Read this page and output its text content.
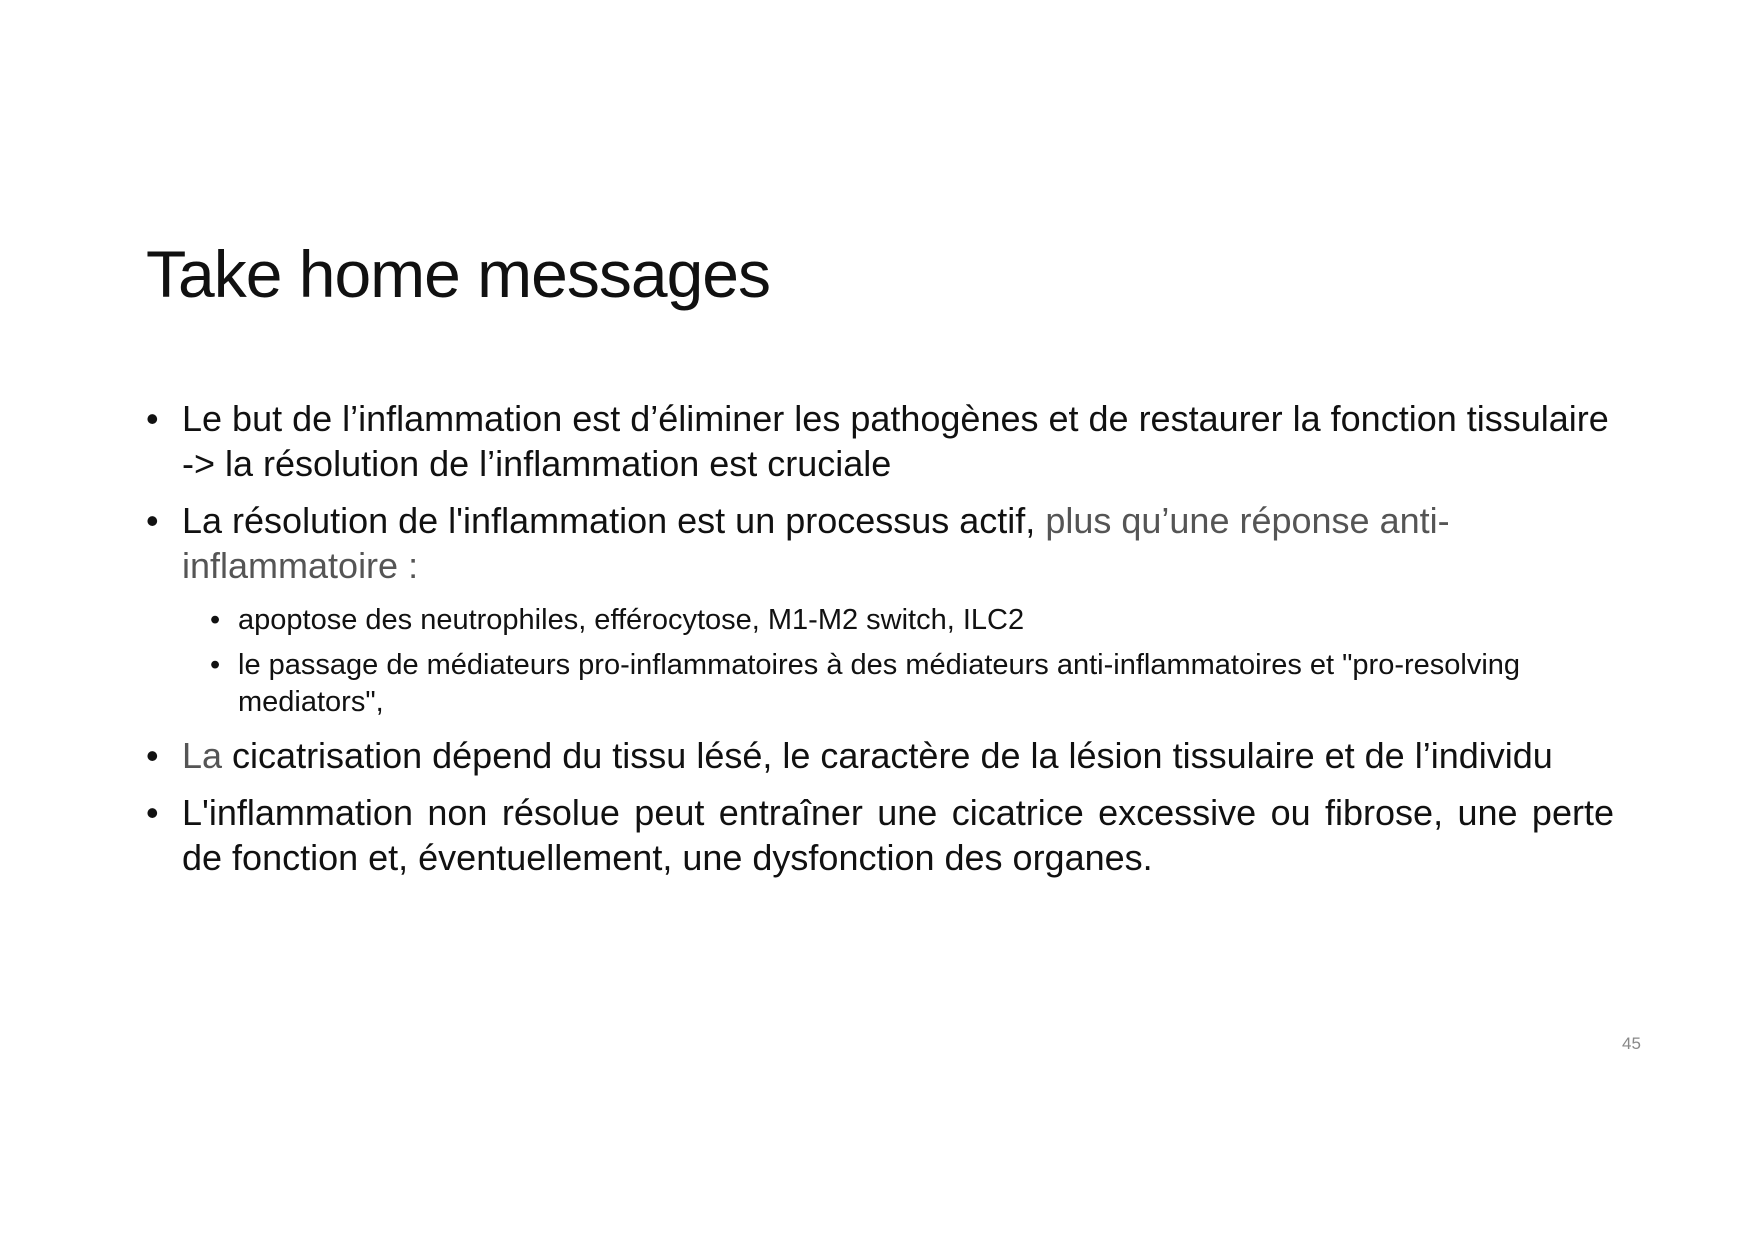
Take home messages
• Le but de l’inflammation est d’éliminer les pathogènes et de restaurer la fonction tissulaire -> la résolution de l’inflammation est cruciale
• La résolution de l'inflammation est un processus actif, plus qu’une réponse anti-inflammatoire :
• apoptose des neutrophiles, efférocytose, M1-M2 switch, ILC2
• le passage de médiateurs pro-inflammatoires à des médiateurs anti-inflammatoires et "pro-resolving mediators",
• La cicatrisation dépend du tissu lésé, le caractère de la lésion tissulaire et de l’individu
• L'inflammation non résolue peut entraîner une cicatrice excessive ou fibrose, une perte de fonction et, éventuellement, une dysfonction des organes.
45
